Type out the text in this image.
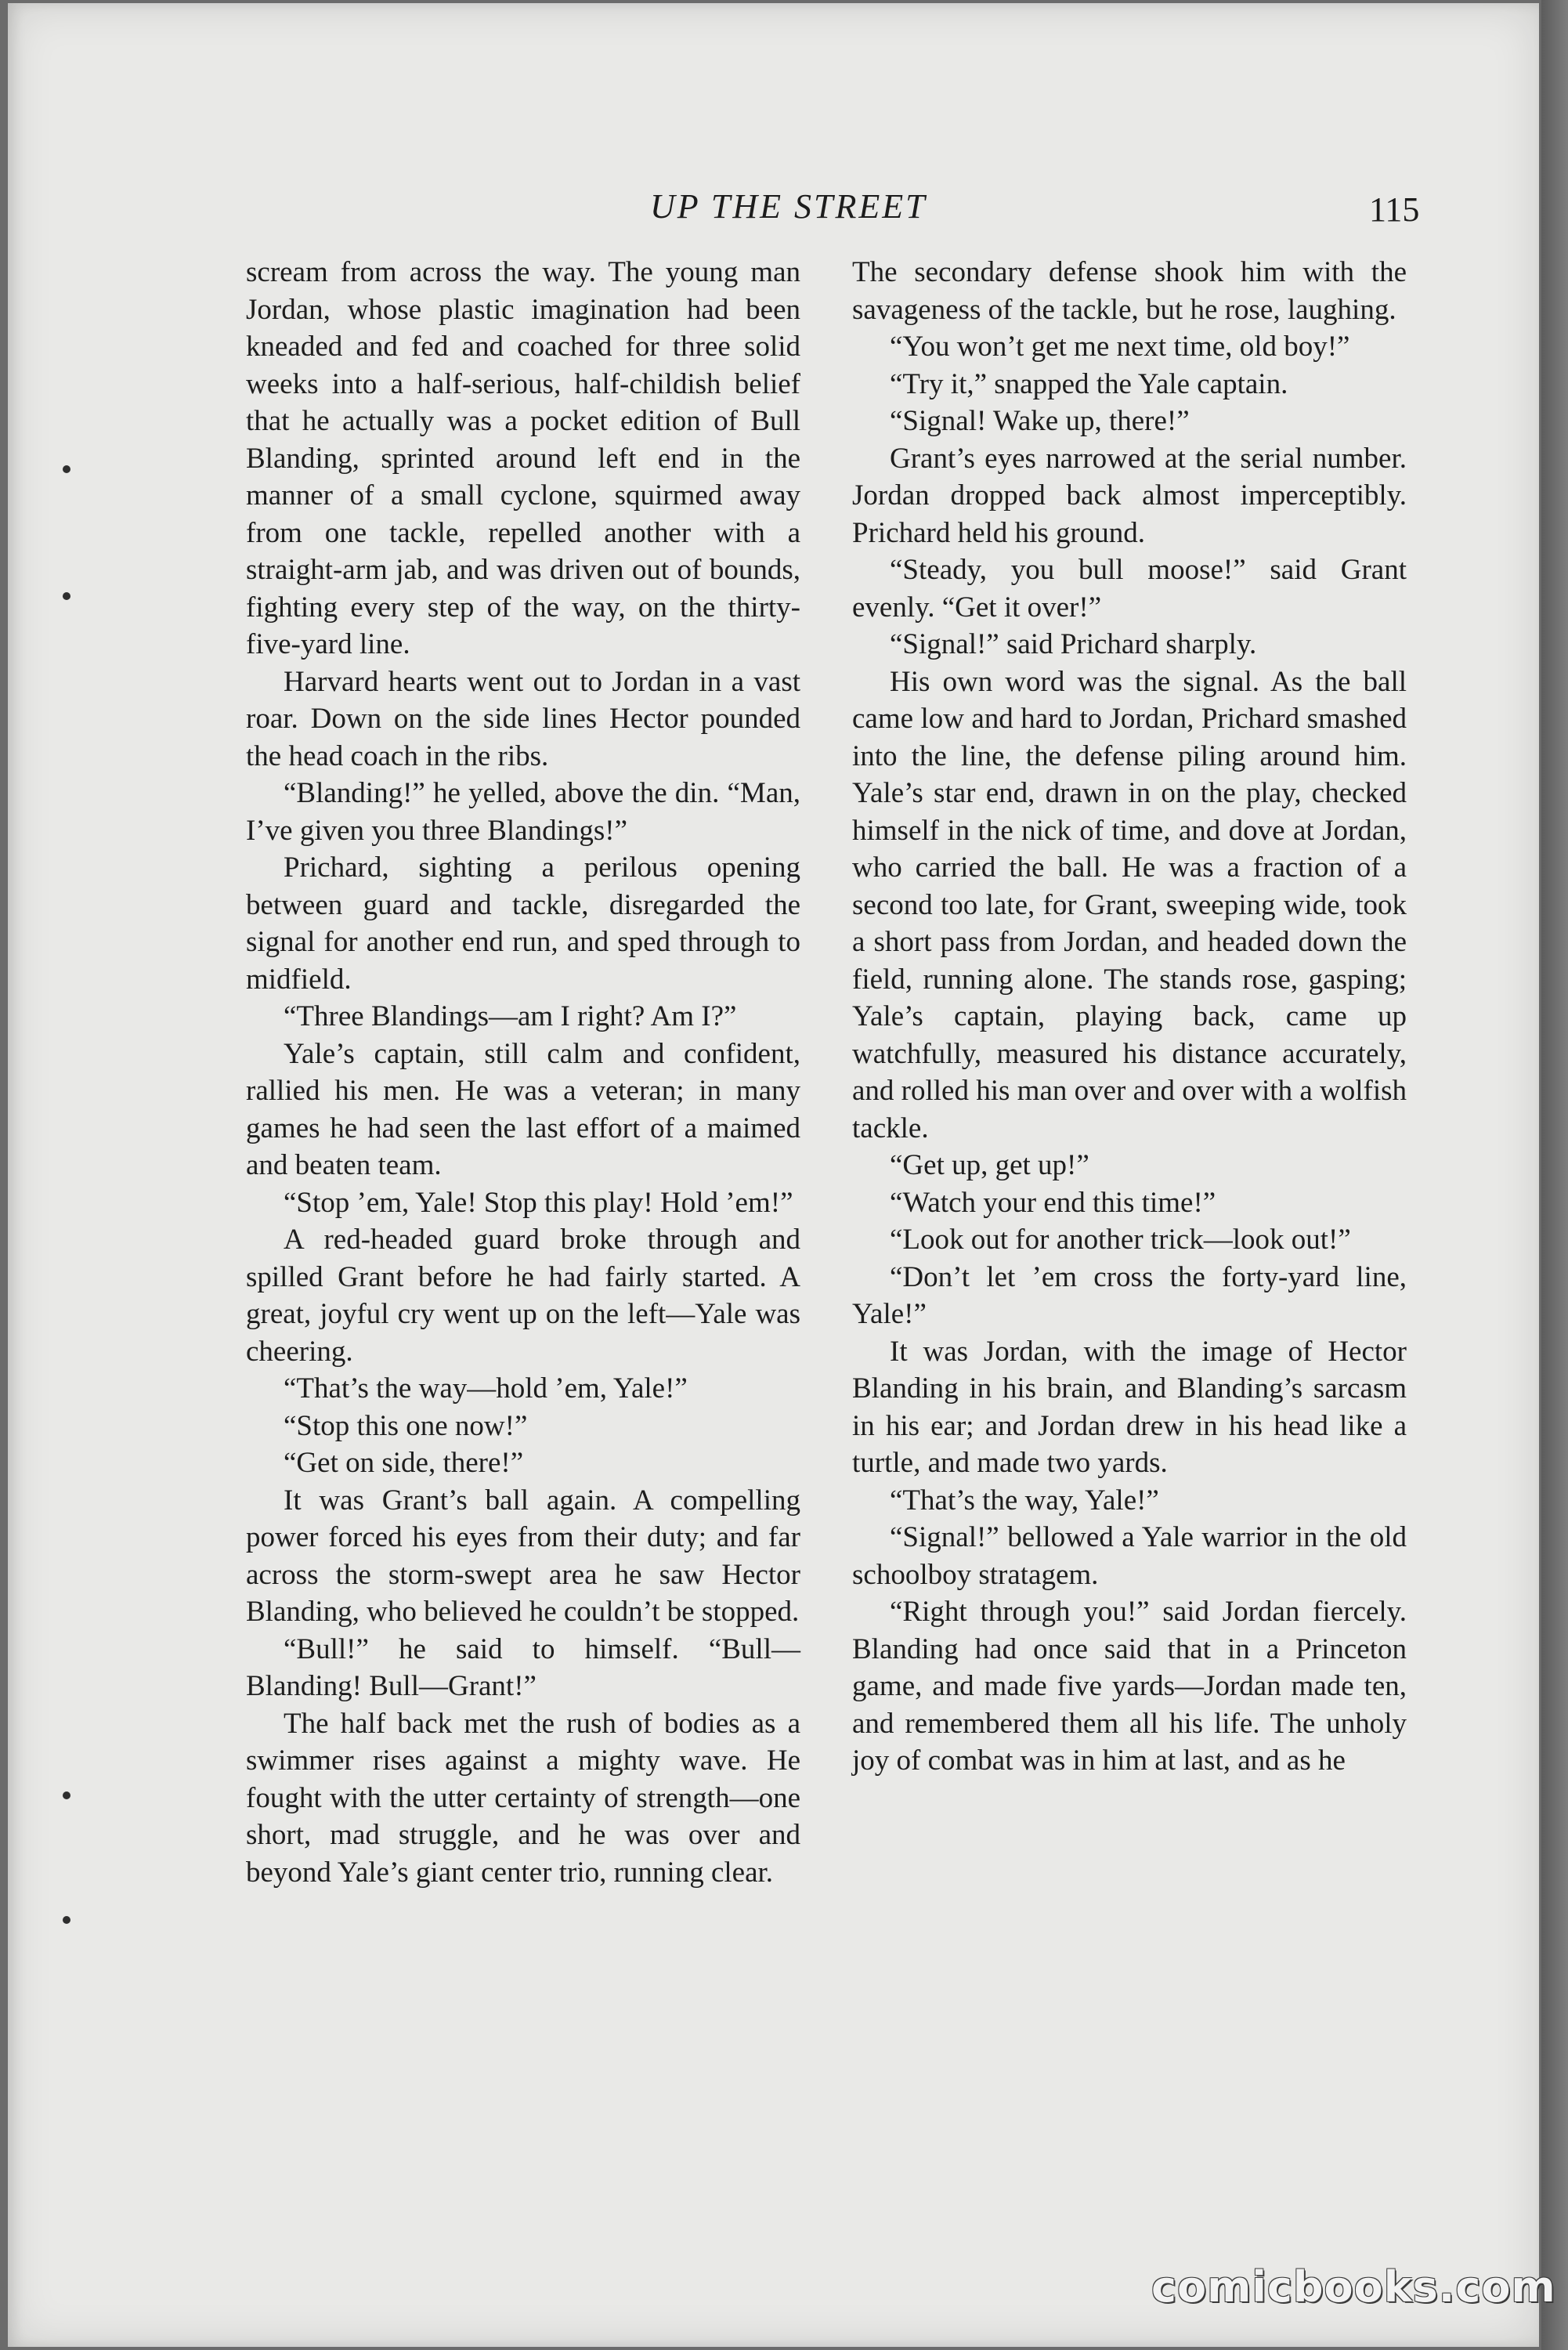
UP THE STREET	115

scream from across the way. The young man Jordan, whose plastic imagination had been kneaded and fed and coached for three solid weeks into a half-serious, half-childish belief that he actually was a pocket edition of Bull Blanding, sprinted around left end in the manner of a small cyclone, squirmed away from one tackle, repelled another with a straight-arm jab, and was driven out of bounds, fighting every step of the way, on the thirty-five-yard line.

Harvard hearts went out to Jordan in a vast roar. Down on the side lines Hector pounded the head coach in the ribs.

“Blanding!” he yelled, above the din. “Man, I’ve given you three Blandings!”

Prichard, sighting a perilous opening between guard and tackle, disregarded the signal for another end run, and sped through to midfield.

“Three Blandings—am I right? Am I?”

Yale’s captain, still calm and confident, rallied his men. He was a veteran; in many games he had seen the last effort of a maimed and beaten team.

“Stop ’em, Yale! Stop this play! Hold ’em!”

A red-headed guard broke through and spilled Grant before he had fairly started. A great, joyful cry went up on the left—Yale was cheering.

“That’s the way—hold ’em, Yale!”

“Stop this one now!”

“Get on side, there!”

It was Grant’s ball again. A compelling power forced his eyes from their duty; and far across the storm-swept area he saw Hector Blanding, who believed he couldn’t be stopped.

“Bull!” he said to himself. “Bull—Blanding! Bull—Grant!”

The half back met the rush of bodies as a swimmer rises against a mighty wave. He fought with the utter certainty of strength—one short, mad struggle, and he was over and beyond Yale’s giant center trio, running clear.

The secondary defense shook him with the savageness of the tackle, but he rose, laughing.

“You won’t get me next time, old boy!”

“Try it,” snapped the Yale captain.

“Signal! Wake up, there!”

Grant’s eyes narrowed at the serial number. Jordan dropped back almost imperceptibly. Prichard held his ground.

“Steady, you bull moose!” said Grant evenly. “Get it over!”

“Signal!” said Prichard sharply.

His own word was the signal. As the ball came low and hard to Jordan, Prichard smashed into the line, the defense piling around him. Yale’s star end, drawn in on the play, checked himself in the nick of time, and dove at Jordan, who carried the ball. He was a fraction of a second too late, for Grant, sweeping wide, took a short pass from Jordan, and headed down the field, running alone. The stands rose, gasping; Yale’s captain, playing back, came up watchfully, measured his distance accurately, and rolled his man over and over with a wolfish tackle.

“Get up, get up!”

“Watch your end this time!”

“Look out for another trick—look out!”

“Don’t let ’em cross the forty-yard line, Yale!”

It was Jordan, with the image of Hector Blanding in his brain, and Blanding’s sarcasm in his ear; and Jordan drew in his head like a turtle, and made two yards.

“That’s the way, Yale!”

“Signal!” bellowed a Yale warrior in the old schoolboy stratagem.

“Right through you!” said Jordan fiercely. Blanding had once said that in a Princeton game, and made five yards—Jordan made ten, and remembered them all his life. The unholy joy of combat was in him at last, and as he

comicbooks.com
